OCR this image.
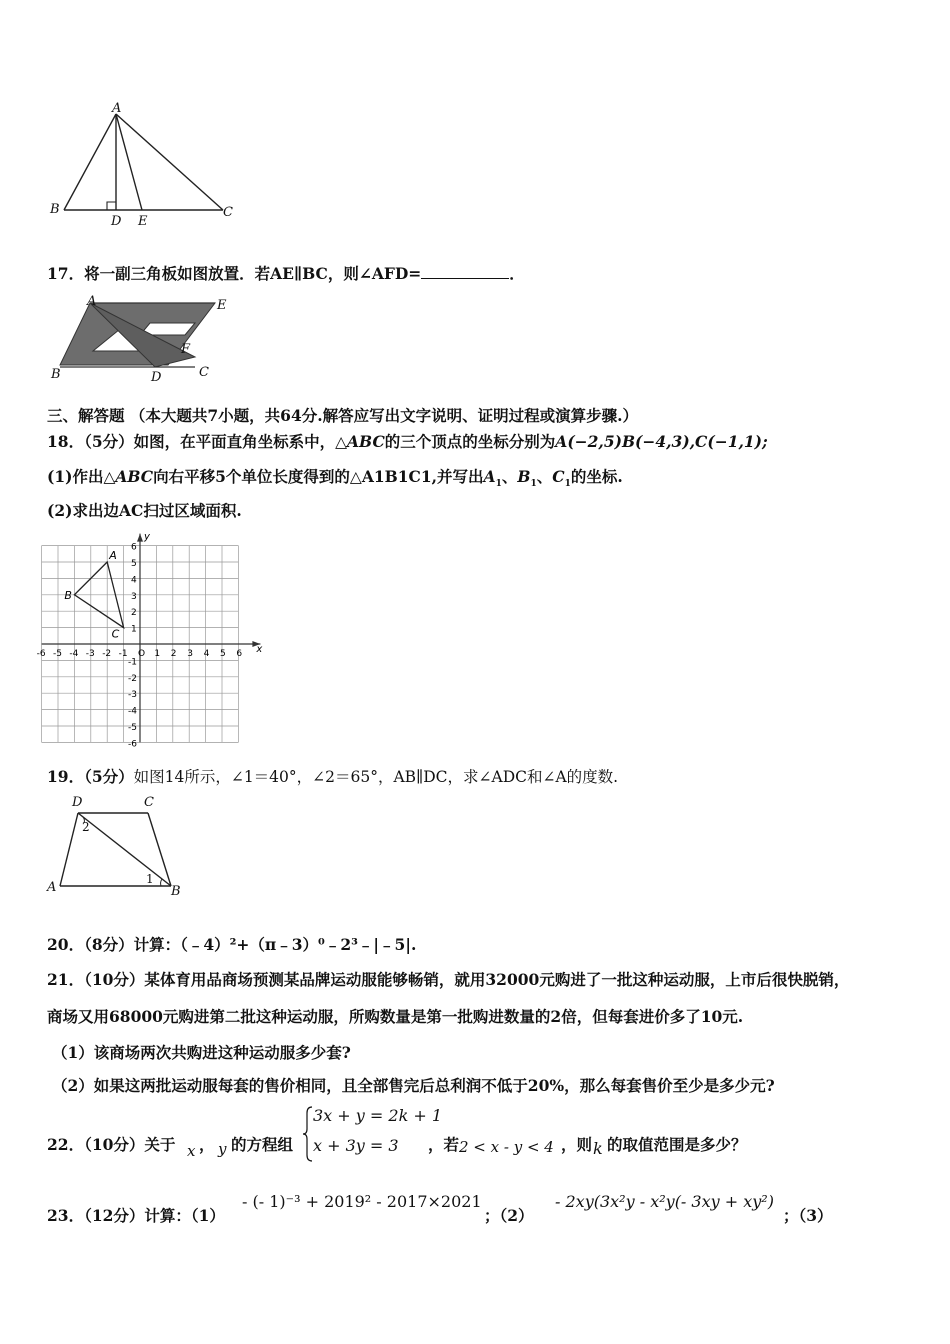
A
B
D E
C
17．将一副三角板如图放置．若AE∥BC，则∠AFD=	．
A	E
F
B	D	C
三、解答题 （本大题共7小题，共64分.解答应写出文字说明、证明过程或演算步骤.）
18．（5分）如图，在平面直角坐标系中，△ABC的三个顶点的坐标分别为A(−2,5)B(−4,3),C(−1,1);
(1)作出△ABC向右平移5个单位长度得到的△A1B1C1,并写出$A_1$、$B_1$、$C_1$的坐标.
(2)求出边AC扫过区域面积.
x
y
-6 -5 -4 -3 -2 -1 O 1 2 3 4 5 6
1
2
3
4
5
6
-1
-2
-3
-4
-5
-6
A
B
C
19．（5分）如图14所示，∠1＝40°，∠2＝65°，AB∥DC，求∠ADC和∠A的度数.
D	C
2
A
1
B
20．（8分）计算：（﹣4）²+（π﹣3）⁰﹣2³﹣|﹣5|.
21．（10分）某体育用品商场预测某品牌运动服能够畅销，就用32000元购进了一批这种运动服，上市后很快脱销，
商场又用68000元购进第二批这种运动服，所购数量是第一批购进数量的2倍，但每套进价多了10元.
（1）该商场两次共购进这种运动服多少套?
（2）如果这两批运动服每套的售价相同，且全部售完后总利润不低于20%，那么每套售价至少是多少元?
22．（10分）关于 x ， y 的方程组
3x + y = 2k + 1
x + 3y = 3 ，若 2 < x - y < 4 ，则 k 的取值范围是多少？
23．（12分）计算：（1）
- (- 1)⁻³ + 2019² - 2017×2021
；（2）
- 2xy(3x²y - x²y(- 3xy + xy²)
；（3）
